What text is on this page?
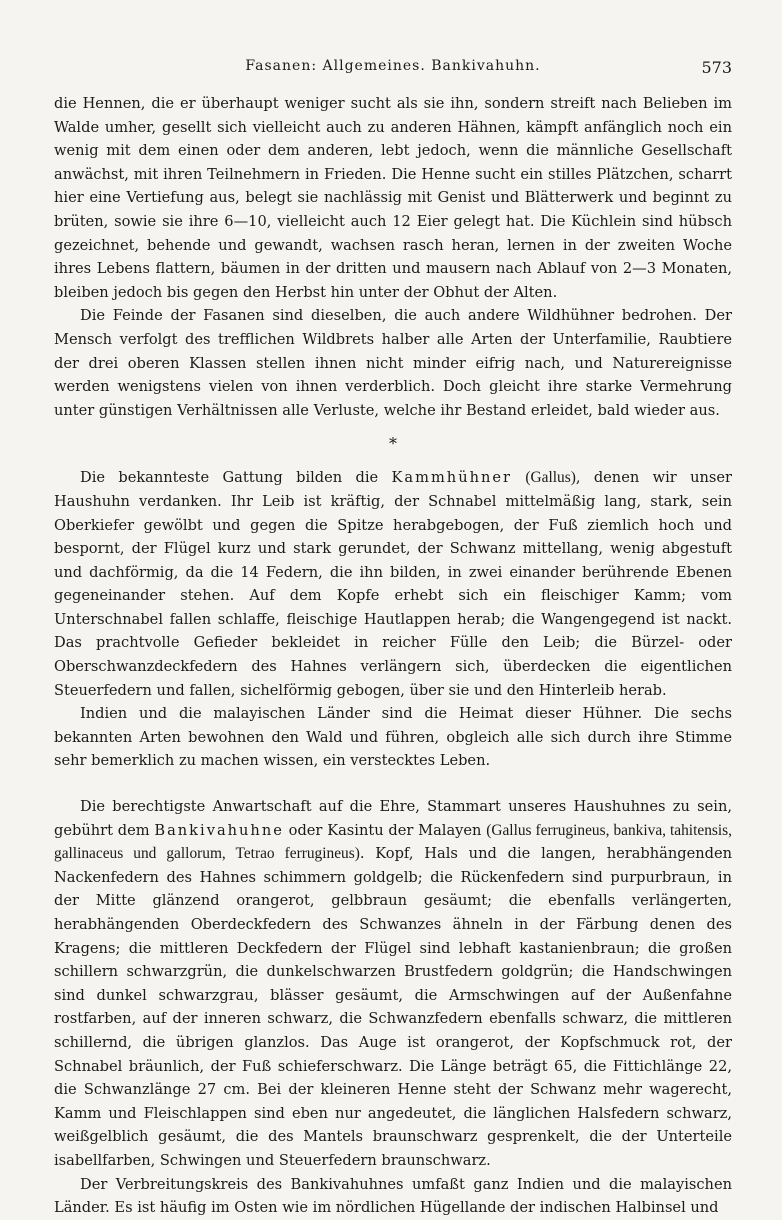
Fasanen: Allgemeines. Bankivahuhn.	573

die Hennen, die er überhaupt weniger sucht als sie ihn, sondern streift nach Belieben im Walde umher, gesellt sich vielleicht auch zu anderen Hähnen, kämpft anfänglich noch ein wenig mit dem einen oder dem anderen, lebt jedoch, wenn die männliche Gesellschaft anwächst, mit ihren Teilnehmern in Frieden. Die Henne sucht ein stilles Plätzchen, scharrt hier eine Vertiefung aus, belegt sie nachlässig mit Genist und Blätterwerk und beginnt zu brüten, sowie sie ihre 6—10, vielleicht auch 12 Eier gelegt hat. Die Küchlein sind hübsch gezeichnet, behende und gewandt, wachsen rasch heran, lernen in der zweiten Woche ihres Lebens flattern, bäumen in der dritten und mausern nach Ablauf von 2—3 Monaten, bleiben jedoch bis gegen den Herbst hin unter der Obhut der Alten.

Die Feinde der Fasanen sind dieselben, die auch andere Wildhühner bedrohen. Der Mensch verfolgt des trefflichen Wildbrets halber alle Arten der Unterfamilie, Raubtiere der drei oberen Klassen stellen ihnen nicht minder eifrig nach, und Naturereignisse werden wenigstens vielen von ihnen verderblich. Doch gleicht ihre starke Vermehrung unter günstigen Verhältnissen alle Verluste, welche ihr Bestand erleidet, bald wieder aus.

*

Die bekannteste Gattung bilden die Kammhühner (Gallus), denen wir unser Haushuhn verdanken. Ihr Leib ist kräftig, der Schnabel mittelmäßig lang, stark, sein Oberkiefer gewölbt und gegen die Spitze herabgebogen, der Fuß ziemlich hoch und bespornt, der Flügel kurz und stark gerundet, der Schwanz mittellang, wenig abgestuft und dachförmig, da die 14 Federn, die ihn bilden, in zwei einander berührende Ebenen gegeneinander stehen. Auf dem Kopfe erhebt sich ein fleischiger Kamm; vom Unterschnabel fallen schlaffe, fleischige Hautlappen herab; die Wangengegend ist nackt. Das prachtvolle Gefieder bekleidet in reicher Fülle den Leib; die Bürzel- oder Oberschwanzdeckfedern des Hahnes verlängern sich, überdecken die eigentlichen Steuerfedern und fallen, sichelförmig gebogen, über sie und den Hinterleib herab.

Indien und die malayischen Länder sind die Heimat dieser Hühner. Die sechs bekannten Arten bewohnen den Wald und führen, obgleich alle sich durch ihre Stimme sehr bemerklich zu machen wissen, ein verstecktes Leben.

Die berechtigste Anwartschaft auf die Ehre, Stammart unseres Haushuhnes zu sein, gebührt dem Bankivahuhne oder Kasintu der Malayen (Gallus ferrugineus, bankiva, tahitensis, gallinaceus und gallorum, Tetrao ferrugineus). Kopf, Hals und die langen, herabhängenden Nackenfedern des Hahnes schimmern goldgelb; die Rückenfedern sind purpurbraun, in der Mitte glänzend orangerot, gelbbraun gesäumt; die ebenfalls verlängerten, herabhängenden Oberdeckfedern des Schwanzes ähneln in der Färbung denen des Kragens; die mittleren Deckfedern der Flügel sind lebhaft kastanienbraun; die großen schillern schwarzgrün, die dunkelschwarzen Brustfedern goldgrün; die Handschwingen sind dunkel schwarzgrau, blässer gesäumt, die Armschwingen auf der Außenfahne rostfarben, auf der inneren schwarz, die Schwanzfedern ebenfalls schwarz, die mittleren schillernd, die übrigen glanzlos. Das Auge ist orangerot, der Kopfschmuck rot, der Schnabel bräunlich, der Fuß schieferschwarz. Die Länge beträgt 65, die Fittichlänge 22, die Schwanzlänge 27 cm. Bei der kleineren Henne steht der Schwanz mehr wagerecht, Kamm und Fleischlappen sind eben nur angedeutet, die länglichen Halsfedern schwarz, weißgelblich gesäumt, die des Mantels braunschwarz gesprenkelt, die der Unterteile isabellfarben, Schwingen und Steuerfedern braunschwarz.

Der Verbreitungskreis des Bankivahuhnes umfaßt ganz Indien und die malayischen Länder. Es ist häufig im Osten wie im nördlichen Hügellande der indischen Halbinsel und
